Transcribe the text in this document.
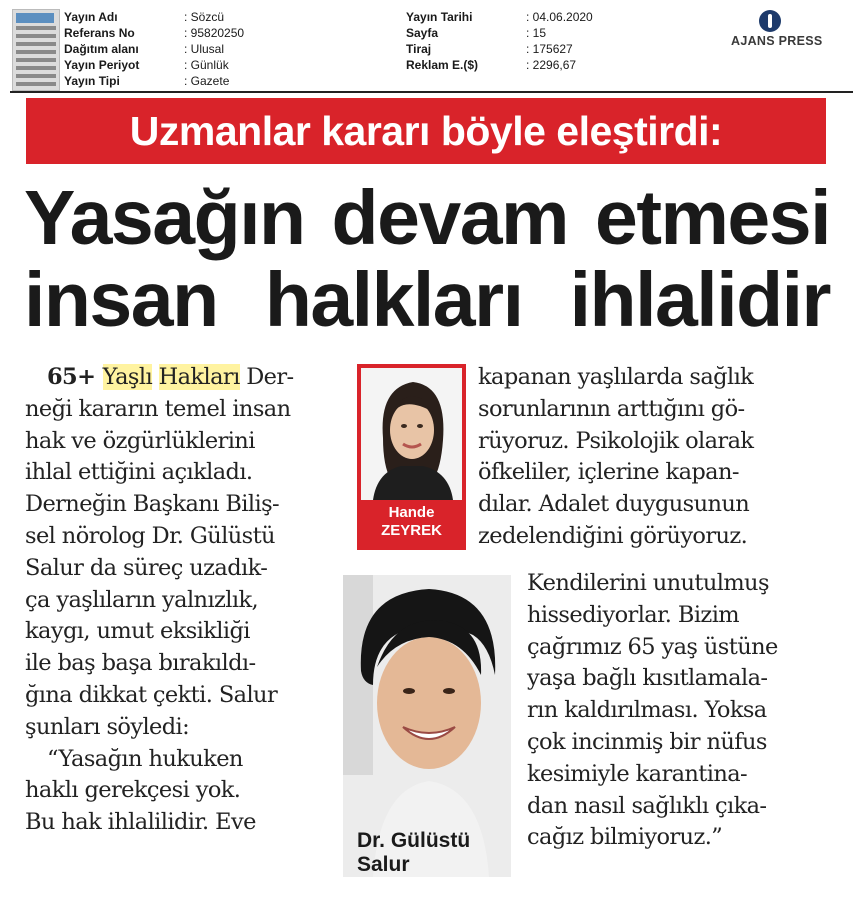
Yayın Adı	: Sözcü
Referans No	: 95820250
Dağıtım alanı	: Ulusal
Yayın Periyot	: Günlük
Yayın Tipi	: Gazete
Yayın Tarihi	: 04.06.2020
Sayfa	: 15
Tiraj	: 175627
Reklam E.($)	: 2296,67
AJANS PRESS
Uzmanlar kararı böyle eleştirdi:
Yasağın devam etmesi
insan halkları ihlalidir
65+ Yaşlı Hakları Der-
neği kararın temel insan
hak ve özgürlüklerini
ihlal ettiğini açıkladı.
Derneğin Başkanı Biliş-
sel nörolog Dr. Gülüstü
Salur da süreç uzadık-
ça yaşlıların yalnızlık,
kaygı, umut eksikliği
ile baş başa bırakıldı-
ğına dikkat çekti. Salur
şunları söyledi:
“Yasağın hukuken
haklı gerekçesi yok.
Bu hak ihlalilidir. Eve
Hande
ZEYREK
kapanan yaşlılarda sağlık
sorunlarının arttığını gö-
rüyoruz. Psikolojik olarak
öfkeliler, içlerine kapan-
dılar. Adalet duygusunun
zedelendiğini görüyoruz.
Dr. Gülüstü
Salur
Kendilerini unutulmuş
hissediyorlar. Bizim
çağrımız 65 yaş üstüne
yaşa bağlı kısıtlamala-
rın kaldırılması. Yoksa
çok incinmiş bir nüfus
kesimiyle karantina-
dan nasıl sağlıklı çıka-
cağız bilmiyoruz.”
